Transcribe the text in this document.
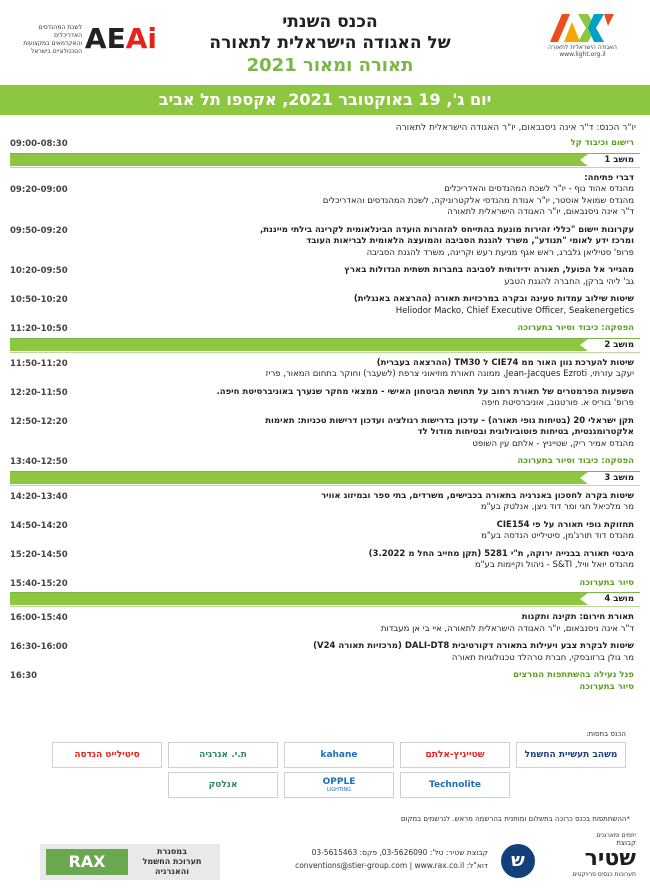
האגודה הישראלית לתאורה
www.light.org.il
הכנס השנתי
של האגודה הישראלית לתאורה
תאורה ומאור 2021
לשכת המהנדסים האדריכלים והאקדמאים במקצועות הטכנולוגיים בישראל AEAi
יום ג', 19 באוקטובר 2021, אקספו תל אביב
יו"ר הכנס: ד"ר אינה ניסנבאום, יו"ר האגודה הישראלית לתאורה
רישום וכיבוד קל
09:00-08:30
מושב 1
דברי פתיחה:
מהנדס אהוד נוף - יו"ר לשכת המהנדסים והאדריכלים
מהנדס שמואל אוסטר, יו"ר אגודת מהנדסי אלקטרוניקה, לשכת המהנדסים והאדריכלים
ד"ר אינה ניסנבאום, יו"ר האגודה הישראלית לתאורה
09:20-09:00
עקרונות יישום "כללי זהירות מונעת בהתייחס להזהרות הועדה הבינלאומית לקרינה בילתי מייננת,
ומרכז ידע לאומי "תנודע", משרד להגנת הסביבה והמועצה הלאומית לבריאות העובד
פרופ' סטיליאן גלברג, ראש אגף מניעת רעש וקרינה, משרד להגנת הסביבה
09:50-09:20
מהגייר אל הפועל, תאורה ידידותית לסביבה בחברות תשתית הגדולות בארץ
גב' ליהי ברקן, החברה להגנת הטבע
10:20-09:50
שיטות שילוב עמדות טעינה ובקרה במרכזיות תאורה (ההרצאה באנגלית)
Heliodor Macko, Chief Executive Officer, Seakenergetics
10:50-10:20
הפסקה: כיבוד וסיור בתערוכה
11:20-10:50
מושב 2
שיטות להערכת גוון האור ממ CIE74 ל TM30 (ההרצאה בעברית)
יעקב עזרתי, Jean-Jacques Ezroti, ממונה תאורת מוזיאוני צרפת (לשעבר) וחוקר בתחום המאור, פריז
11:50-11:20
השפעות הפרמטרים של תאורת רחוב על תחושת הביטחון האישי - ממצאי מחקר שנערך באוניברסיטת חיפה.
פרופ' בוריס א. פורטנוב, אוניברסיטת חיפה
12:20-11:50
תקן ישראלי 20 (בטיחות גופי תאורה) - עדכון בדרישות רגולציה ועדכון דרישות טכניות: תאימות
אלקטרומגנטית, בטיחות פוטוביולוגית ובטיחות מודול לד
מהנדס אמיר ריק, שטייניץ - אלתם עין השופט
12:50-12:20
הפסקה: כיבוד וסיור בתערוכה
13:40-12:50
מושב 3
שיטות בקרה לחסכון באנרגיה בתאורה בכבישים, משרדים, בתי ספר ובמיזוג אוויר
מר מלכיאל חגי ומר דוד ניצן, אנלטק בע"מ
14:20-13:40
תחזוקת גופי תאורה על פי CIE154
מהנדס דוד תורג'מן, סיטילייט הנדסה בע"מ
14:50-14:20
היבטי תאורה בבנייה ירוקה, ת"י 5281 (תקן מחייב החל מ 3.2022)
מהנדס יואל וויל, S&TI - ניהול וקיימות בע"מ
15:20-14:50
סיור בתערוכה
15:40-15:20
מושב 4
תאורת חירום: תקינה ותקנות
ד"ר אינה ניסנבאום, יו"ר האגודה הישראלית לתאורה, איי בי אן מעבדות
16:00-15:40
שיטות לבקרת צבע ויעילות בתאורה דקורטיבית DALI-DT8 (מרכזיות תאורה V24)
מר גולן ברזובסקי, חברת טרהלד טכנולוגיות תאורה
16:30-16:00
פנל נעילה בהשתתפות המרצים
16:30
סיור בתערוכה
הכנס בחסות:
משהב תעשיית החשמל
שטייניץ-אלתם
kahane
ת.י. אנרגיה
סיטילייט הנדסה
Technolite
OPPLE
LIGHTING
אנלטק
*ההשתתפות בכנס כרוכה בתשלום ומותנית בהרשמה מראש. לנרשמים במקום
יוזמים ומארגנים
קבוצת
שטיר
תערוכות כנסים פרויקטים
ש
קבוצת שטיר: טל': 03-5626090, פקס: 03-5615463
דוא"ל: conventions@stier-group.com | www.rax.co.il
RAX
במסגרת
תערוכת החשמל והאנרגיה
